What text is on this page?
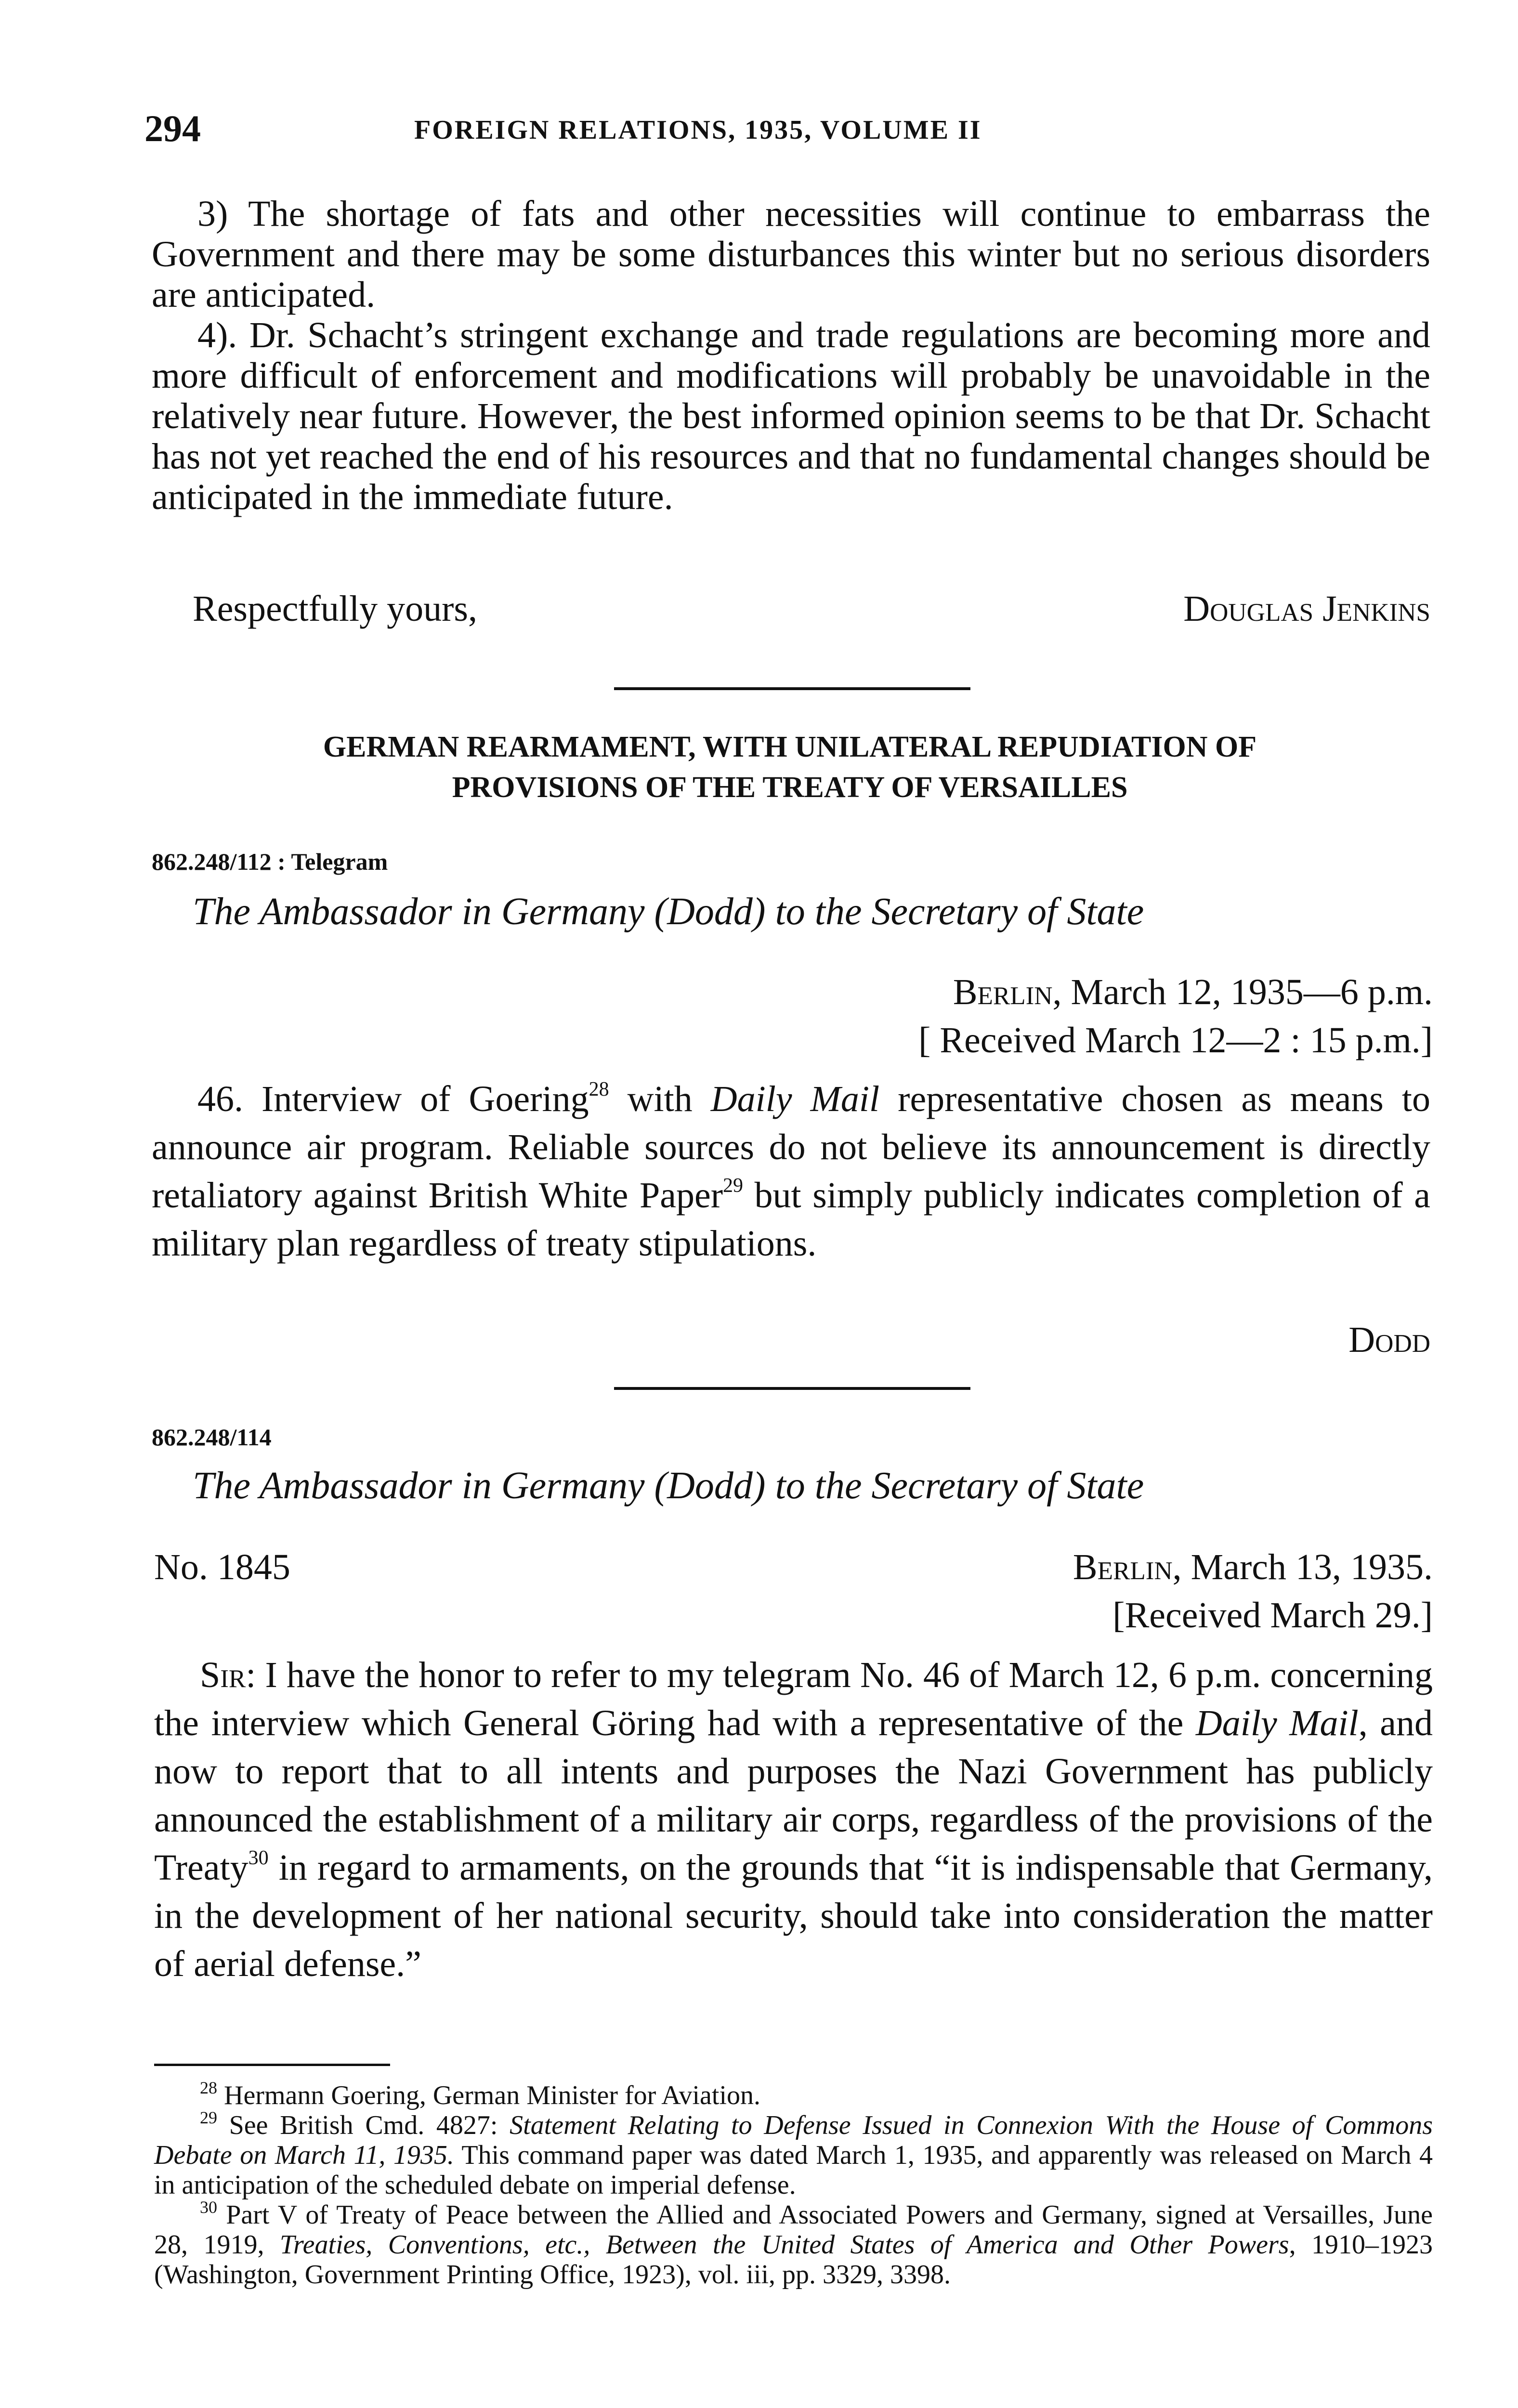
294	FOREIGN RELATIONS, 1935, VOLUME II

3) The shortage of fats and other necessities will continue to embarrass the Government and there may be some disturbances this winter but no serious disorders are anticipated.

4). Dr. Schacht’s stringent exchange and trade regulations are becoming more and more difficult of enforcement and modifications will probably be unavoidable in the relatively near future. However, the best informed opinion seems to be that Dr. Schacht has not yet reached the end of his resources and that no fundamental changes should be anticipated in the immediate future.

Respectfully yours,	Douglas Jenkins
GERMAN REARMAMENT, WITH UNILATERAL REPUDIATION OF
PROVISIONS OF THE TREATY OF VERSAILLES
862.248/112 : Telegram
The Ambassador in Germany (Dodd) to the Secretary of State
Berlin, March 12, 1935—6 p.m.
[ Received March 12—2 : 15 p.m.]

46. Interview of Goering$^{28}$ with Daily Mail representative chosen as means to announce air program. Reliable sources do not believe its announcement is directly retaliatory against British White Paper$^{29}$ but simply publicly indicates completion of a military plan regardless of treaty stipulations.

Dodd
862.248/114
The Ambassador in Germany (Dodd) to the Secretary of State
No. 1845	Berlin, March 13, 1935.
[Received March 29.]

Sir: I have the honor to refer to my telegram No. 46 of March 12, 6 p.m. concerning the interview which General Göring had with a representative of the Daily Mail, and now to report that to all intents and purposes the Nazi Government has publicly announced the establishment of a military air corps, regardless of the provisions of the Treaty$^{30}$ in regard to armaments, on the grounds that “it is indispensable that Germany, in the development of her national security, should take into consideration the matter of aerial defense.”

$^{28}$ Hermann Goering, German Minister for Aviation.

$^{29}$ See British Cmd. 4827: Statement Relating to Defense Issued in Connexion With the House of Commons Debate on March 11, 1935. This command paper was dated March 1, 1935, and apparently was released on March 4 in anticipation of the scheduled debate on imperial defense.

$^{30}$ Part V of Treaty of Peace between the Allied and Associated Powers and Germany, signed at Versailles, June 28, 1919, Treaties, Conventions, etc., Between the United States of America and Other Powers, 1910–1923 (Washington, Government Printing Office, 1923), vol. iii, pp. 3329, 3398.
